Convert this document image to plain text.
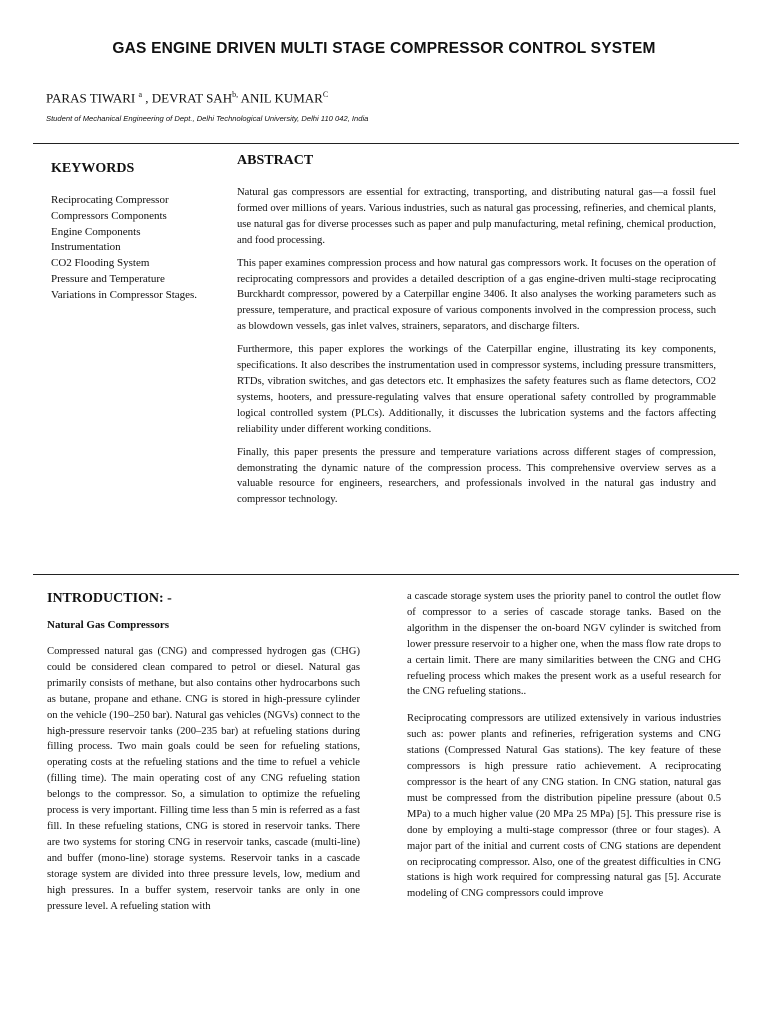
GAS ENGINE DRIVEN MULTI STAGE COMPRESSOR CONTROL SYSTEM
PARAS TIWARI $^a$ , DEVRAT $SAH^{b,}$ ANIL $KUMAR^C$
Student of Mechanical Engineering of Dept., Delhi Technological University, Delhi 110 042, India
KEYWORDS
Reciprocating Compressor
Compressors Components
Engine Components
Instrumentation
CO2 Flooding System
Pressure and Temperature
Variations in Compressor Stages.
ABSTRACT

Natural gas compressors are essential for extracting, transporting, and distributing natural gas—a fossil fuel formed over millions of years. Various industries, such as natural gas processing, refineries, and chemical plants, use natural gas for diverse processes such as paper and pulp manufacturing, metal refining, chemical production, and food processing.

This paper examines compression process and how natural gas compressors work. It focuses on the operation of reciprocating compressors and provides a detailed description of a gas engine-driven multi-stage reciprocating Burckhardt compressor, powered by a Caterpillar engine 3406. It also analyses the working parameters such as pressure, temperature, and practical exposure of various components involved in the compression process, such as blowdown vessels, gas inlet valves, strainers, separators, and discharge filters.

Furthermore, this paper explores the workings of the Caterpillar engine, illustrating its key components, specifications. It also describes the instrumentation used in compressor systems, including pressure transmitters, RTDs, vibration switches, and gas detectors etc. It emphasizes the safety features such as flame detectors, CO2 systems, hooters, and pressure-regulating valves that ensure operational safety controlled by programmable logical controlled system (PLCs). Additionally, it discusses the lubrication systems and the factors affecting reliability under different working conditions.

Finally, this paper presents the pressure and temperature variations across different stages of compression, demonstrating the dynamic nature of the compression process. This comprehensive overview serves as a valuable resource for engineers, researchers, and professionals involved in the natural gas industry and compressor technology.

INTRODUCTION: -
Natural Gas Compressors

Compressed natural gas (CNG) and compressed hydrogen gas (CHG) could be considered clean compared to petrol or diesel. Natural gas primarily consists of methane, but also contains other hydrocarbons such as butane, propane and ethane. CNG is stored in high-pressure cylinder on the vehicle (190–250 bar). Natural gas vehicles (NGVs) connect to the high-pressure reservoir tanks (200–235 bar) at refueling stations during filling process. Two main goals could be seen for refueling stations, operating costs at the refueling stations and the time to refuel a vehicle (filling time). The main operating cost of any CNG refueling station belongs to the compressor. So, a simulation to optimize the refueling process is very important. Filling time less than 5 min is referred as a fast fill. In these refueling stations, CNG is stored in reservoir tanks. There are two systems for storing CNG in reservoir tanks, cascade (multi-line) and buffer (mono-line) storage systems. Reservoir tanks in a cascade storage system are divided into three pressure levels, low, medium and high pressures. In a buffer system, reservoir tanks are only in one pressure level. A refueling station with

a cascade storage system uses the priority panel to control the outlet flow of compressor to a series of cascade storage tanks. Based on the algorithm in the dispenser the on-board NGV cylinder is switched from lower pressure reservoir to a higher one, when the mass flow rate drops to a certain limit. There are many similarities between the CNG and CHG refueling process which makes the present work as a useful research for the CNG refueling stations..

Reciprocating compressors are utilized extensively in various industries such as: power plants and refineries, refrigeration systems and CNG stations (Compressed Natural Gas stations). The key feature of these compressors is high pressure ratio achievement. A reciprocating compressor is the heart of any CNG station. In CNG station, natural gas must be compressed from the distribution pipeline pressure (about 0.5 MPa) to a much higher value (20 MPa 25 MPa) [5]. This pressure rise is done by employing a multi-stage compressor (three or four stages). A major part of the initial and current costs of CNG stations are dependent on reciprocating compressor. Also, one of the greatest difficulties in CNG stations is high work required for compressing natural gas [5]. Accurate modeling of CNG compressors could improve
